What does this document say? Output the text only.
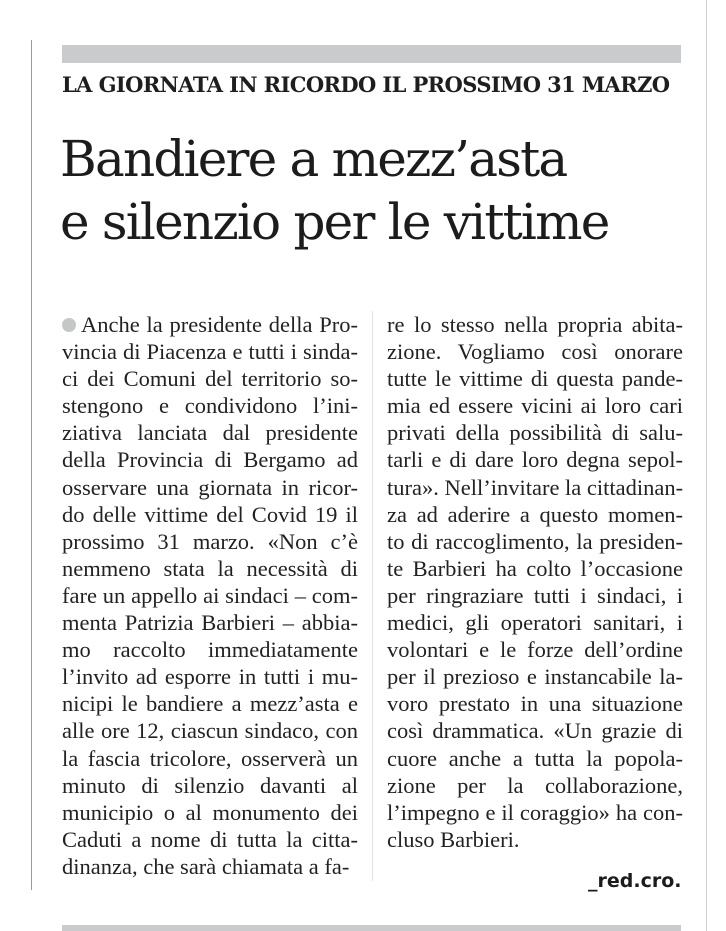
LA GIORNATA IN RICORDO IL PROSSIMO 31 MARZO
Bandiere a mezz’asta
e silenzio per le vittime
Anche la presidente della Pro-
vincia di Piacenza e tutti i sinda-
ci dei Comuni del territorio so-
stengono e condividono l’ini-
ziativa lanciata dal presidente
della Provincia di Bergamo ad
osservare una giornata in ricor-
do delle vittime del Covid 19 il
prossimo 31 marzo. «Non c’è
nemmeno stata la necessità di
fare un appello ai sindaci – com-
menta Patrizia Barbieri – abbia-
mo raccolto immediatamente
l’invito ad esporre in tutti i mu-
nicipi le bandiere a mezz’asta e
alle ore 12, ciascun sindaco, con
la fascia tricolore, osserverà un
minuto di silenzio davanti al
municipio o al monumento dei
Caduti a nome di tutta la citta-
dinanza, che sarà chiamata a fa-
re lo stesso nella propria abita-
zione. Vogliamo così onorare
tutte le vittime di questa pande-
mia ed essere vicini ai loro cari
privati della possibilità di salu-
tarli e di dare loro degna sepol-
tura». Nell’invitare la cittadinan-
za ad aderire a questo momen-
to di raccoglimento, la presiden-
te Barbieri ha colto l’occasione
per ringraziare tutti i sindaci, i
medici, gli operatori sanitari, i
volontari e le forze dell’ordine
per il prezioso e instancabile la-
voro prestato in una situazione
così drammatica. «Un grazie di
cuore anche a tutta la popola-
zione per la collaborazione,
l’impegno e il coraggio» ha con-
cluso Barbieri.
_red.cro.
